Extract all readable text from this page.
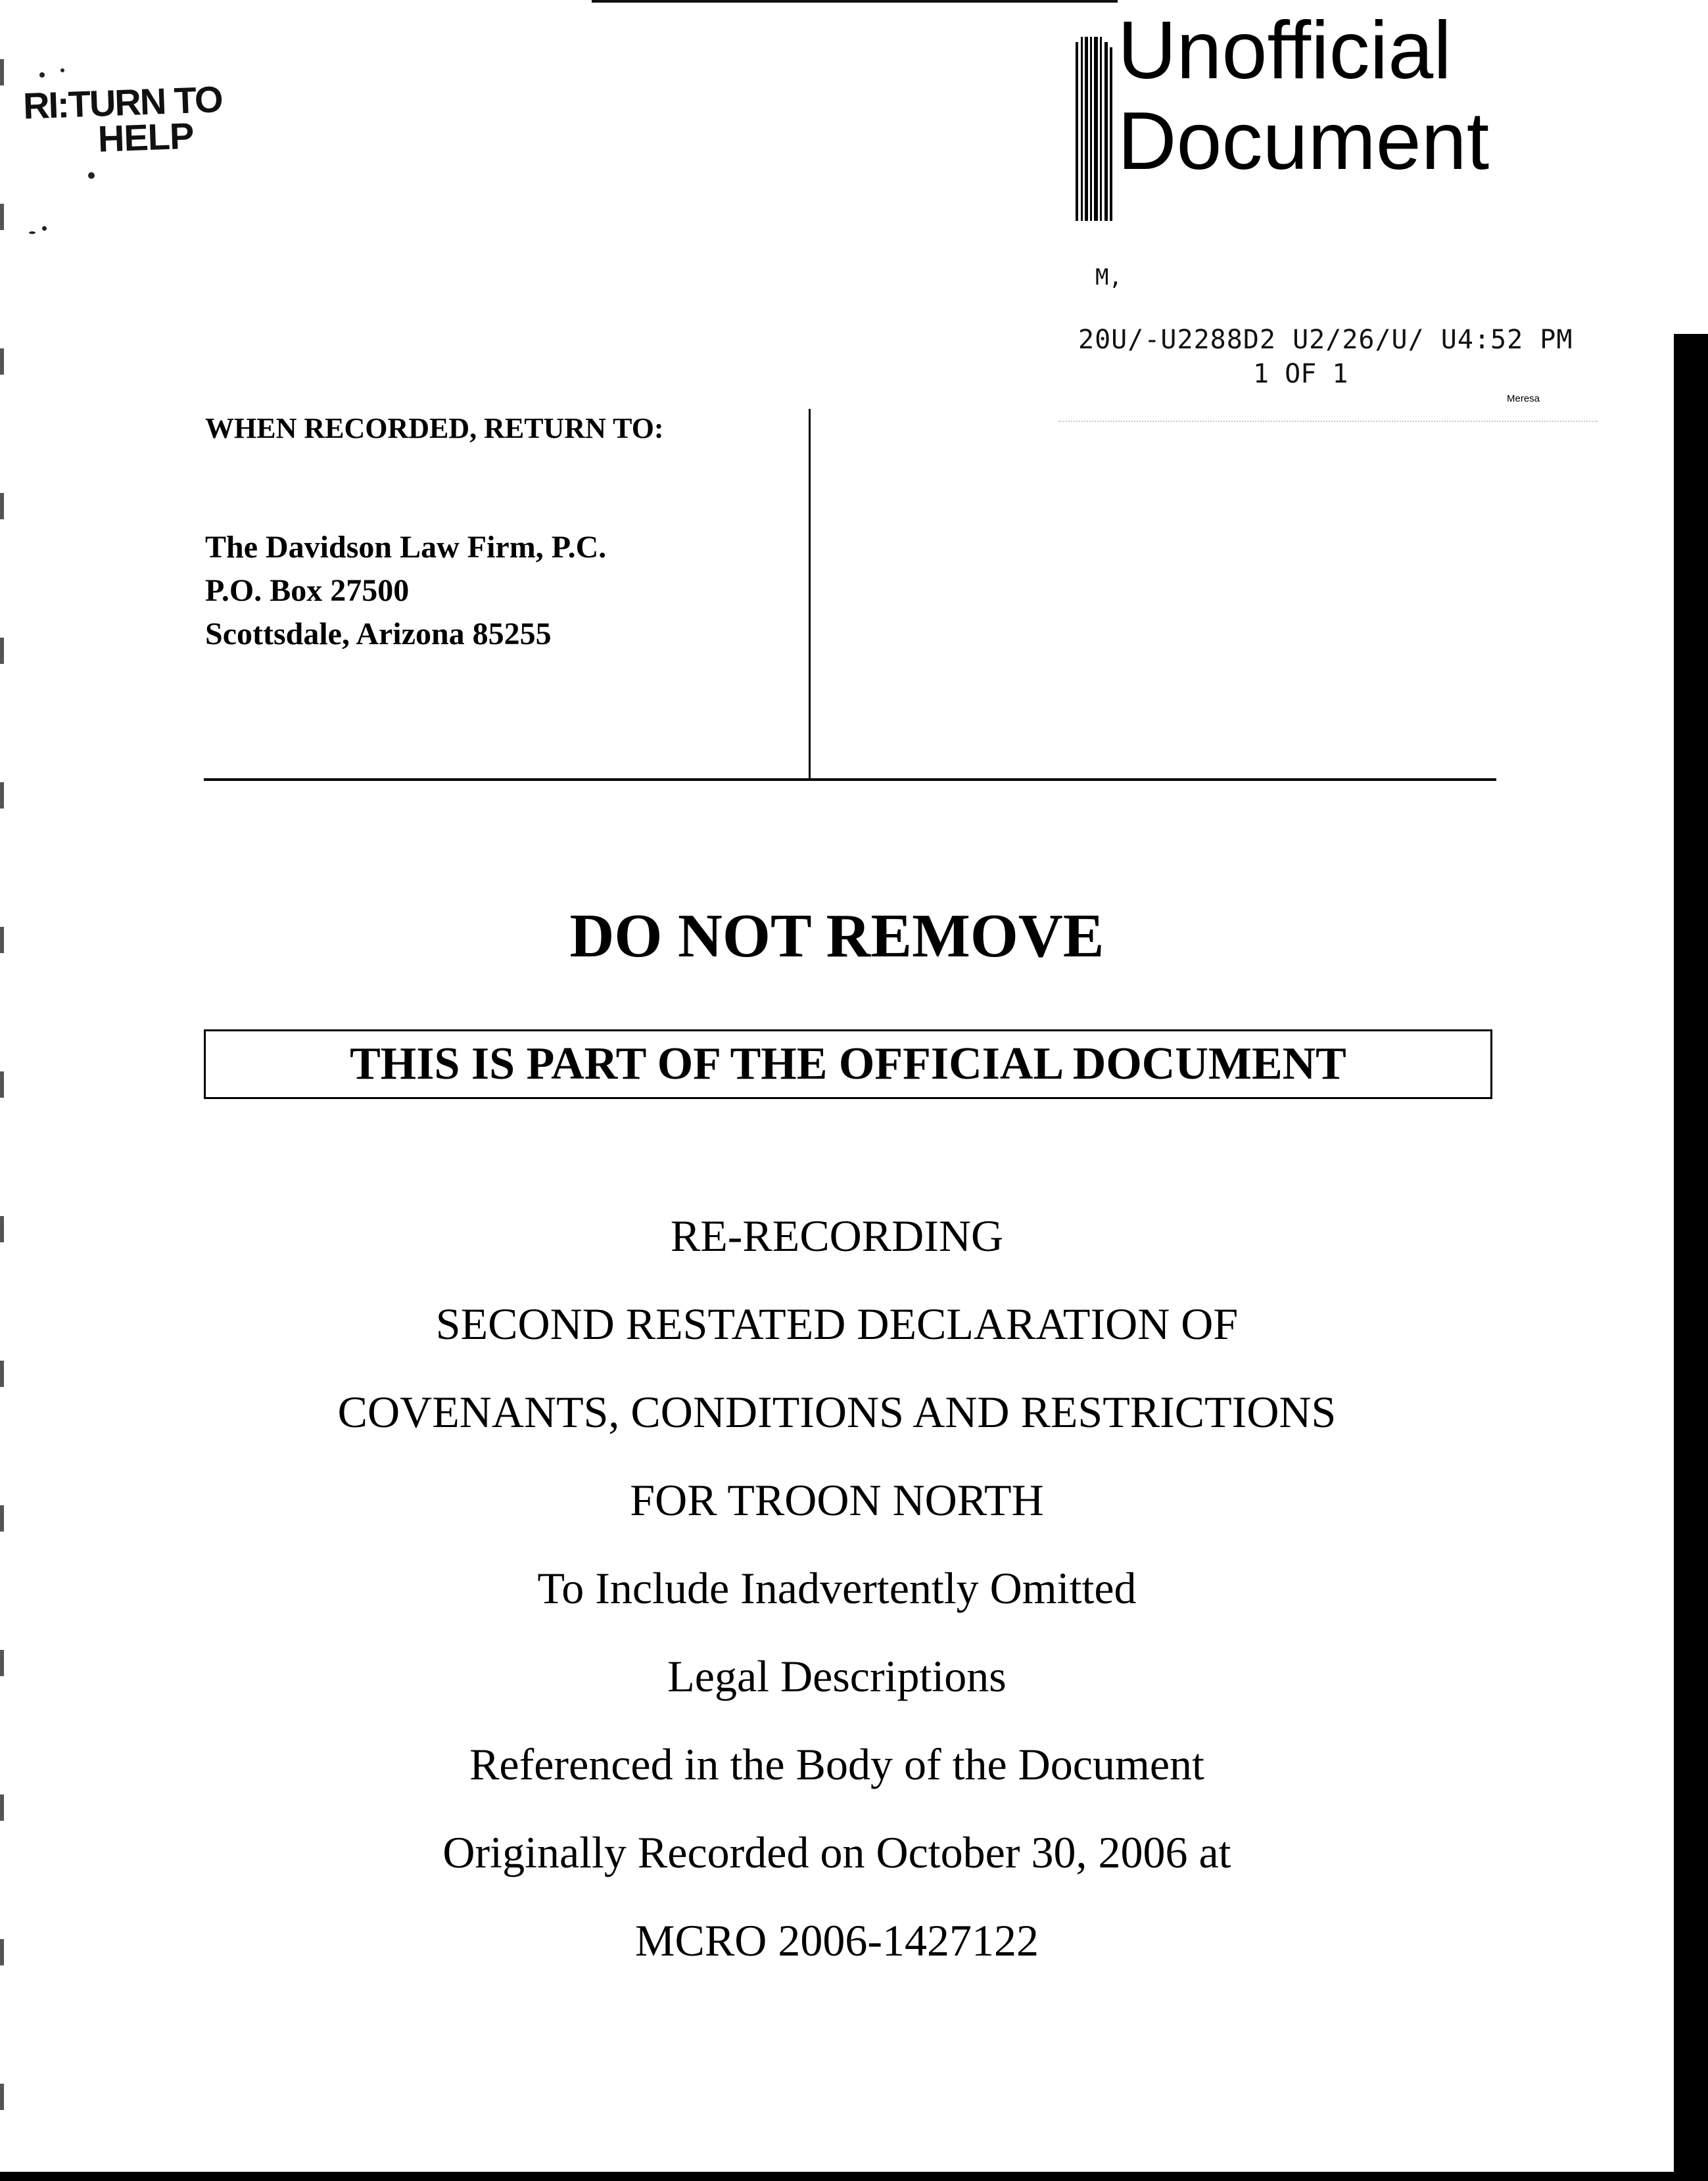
RI:TURN TO
HELP
Unofficial
Document
M,
20U/-U2288D2 U2/26/U/ U4:52 PM
1 OF 1
Meresa
WHEN RECORDED, RETURN TO:
The Davidson Law Firm, P.C.
P.O. Box 27500
Scottsdale, Arizona 85255
DO NOT REMOVE
THIS IS PART OF THE OFFICIAL DOCUMENT
RE-RECORDING
SECOND RESTATED DECLARATION OF
COVENANTS, CONDITIONS AND RESTRICTIONS
FOR TROON NORTH
To Include Inadvertently Omitted
Legal Descriptions
Referenced in the Body of the Document
Originally Recorded on October 30, 2006 at
MCRO 2006-1427122
